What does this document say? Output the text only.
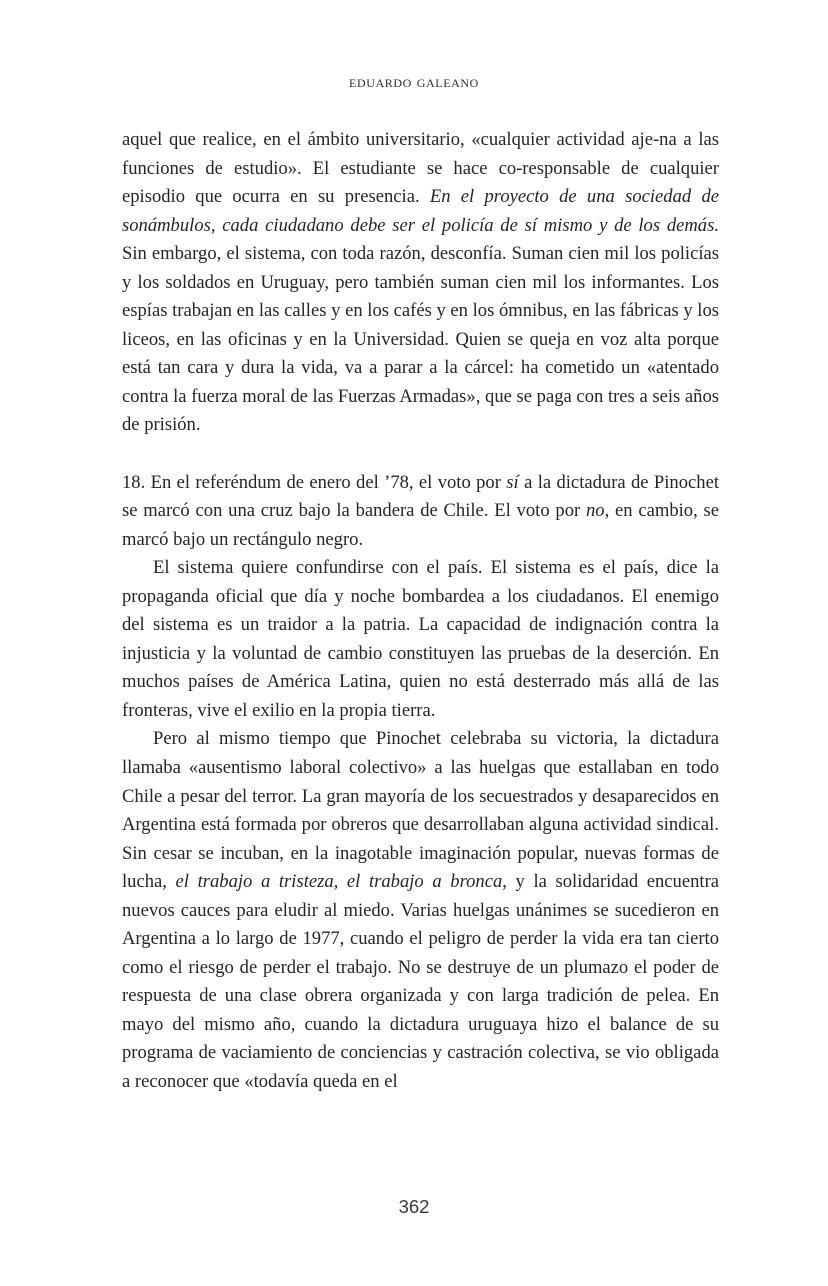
eduardo galeano

aquel que realice, en el ámbito universitario, «cualquier actividad aje-na a las funciones de estudio». El estudiante se hace co-responsable de cualquier episodio que ocurra en su presencia. En el proyecto de una sociedad de sonámbulos, cada ciudadano debe ser el policía de sí mismo y de los demás. Sin embargo, el sistema, con toda razón, desconfía. Suman cien mil los policías y los soldados en Uruguay, pero también suman cien mil los informantes. Los espías trabajan en las calles y en los cafés y en los ómnibus, en las fábricas y los liceos, en las oficinas y en la Universidad. Quien se queja en voz alta porque está tan cara y dura la vida, va a parar a la cárcel: ha cometido un «atentado contra la fuerza moral de las Fuerzas Armadas», que se paga con tres a seis años de prisión.

18. En el referéndum de enero del ’78, el voto por sí a la dictadura de Pinochet se marcó con una cruz bajo la bandera de Chile. El voto por no, en cambio, se marcó bajo un rectángulo negro.

El sistema quiere confundirse con el país. El sistema es el país, dice la propaganda oficial que día y noche bombardea a los ciudadanos. El enemigo del sistema es un traidor a la patria. La capacidad de indignación contra la injusticia y la voluntad de cambio constituyen las pruebas de la deserción. En muchos países de América Latina, quien no está desterrado más allá de las fronteras, vive el exilio en la propia tierra.

Pero al mismo tiempo que Pinochet celebraba su victoria, la dictadura llamaba «ausentismo laboral colectivo» a las huelgas que estallaban en todo Chile a pesar del terror. La gran mayoría de los secuestrados y desaparecidos en Argentina está formada por obreros que desarrollaban alguna actividad sindical. Sin cesar se incuban, en la inagotable imaginación popular, nuevas formas de lucha, el trabajo a tristeza, el trabajo a bronca, y la solidaridad encuentra nuevos cauces para eludir al miedo. Varias huelgas unánimes se sucedieron en Argentina a lo largo de 1977, cuando el peligro de perder la vida era tan cierto como el riesgo de perder el trabajo. No se destruye de un plumazo el poder de respuesta de una clase obrera organizada y con larga tradición de pelea. En mayo del mismo año, cuando la dictadura uruguaya hizo el balance de su programa de vaciamiento de conciencias y castración colectiva, se vio obligada a reconocer que «todavía queda en el

362
